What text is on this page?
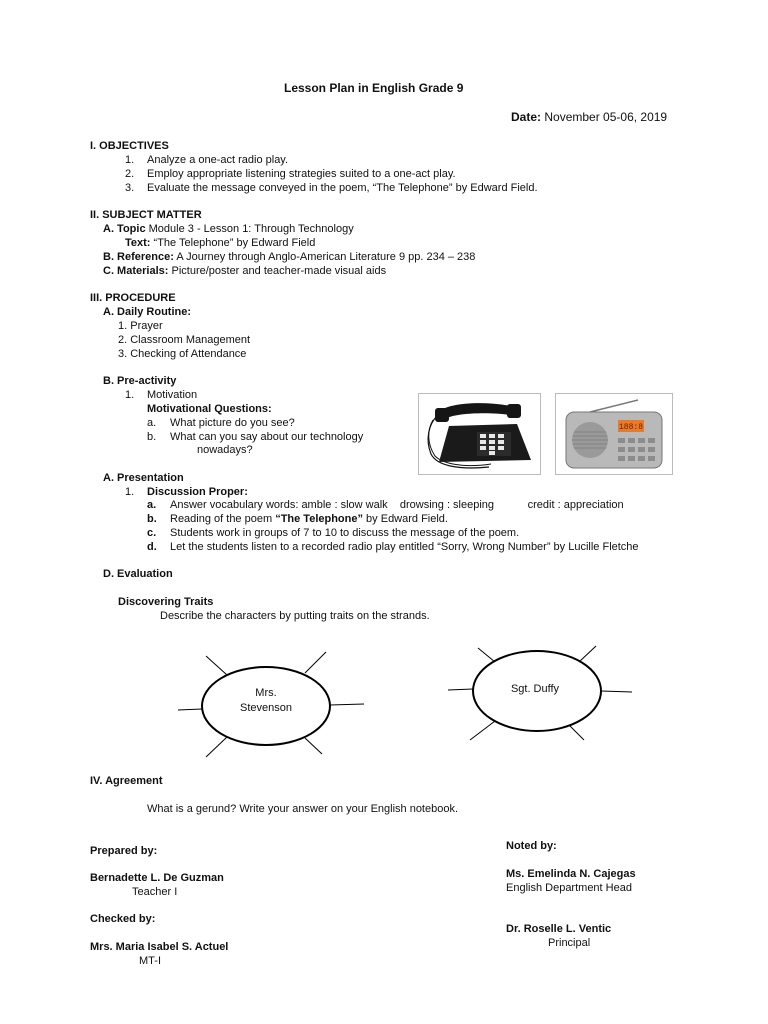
Lesson Plan in English Grade 9
Date: November 05-06, 2019
I. OBJECTIVES
1. Analyze a one-act radio play.
2. Employ appropriate listening strategies suited to a one-act play.
3. Evaluate the message conveyed in the poem, “The Telephone” by Edward Field.
II. SUBJECT MATTER
A. Topic Module 3 - Lesson 1: Through Technology
Text: “The Telephone” by Edward Field
B. Reference: A Journey through Anglo-American Literature 9 pp. 234 – 238
C. Materials: Picture/poster and teacher-made visual aids
III. PROCEDURE
A. Daily Routine:
1. Prayer
2. Classroom Management
3. Checking of Attendance
B. Pre-activity
1. Motivation
Motivational Questions:
a. What picture do you see?
b. What can you say about our technology
nowadays?
188:8
A. Presentation
1. Discussion Proper:
a. Answer vocabulary words: amble : slow walk    drowsing : sleeping           credit : appreciation
b. Reading of the poem “The Telephone” by Edward Field.
c. Students work in groups of 7 to 10 to discuss the message of the poem.
d. Let the students listen to a recorded radio play entitled “Sorry, Wrong Number” by Lucille Fletche
D. Evaluation
Discovering Traits
Describe the characters by putting traits on the strands.
Mrs.
Stevenson
Sgt. Duffy
IV. Agreement
What is a gerund? Write your answer on your English notebook.
Prepared by:
Bernadette L. De Guzman
Teacher I
Checked by:
Mrs. Maria Isabel S. Actuel
MT-I
Noted by:
Ms. Emelinda N. Cajegas
English Department Head
Dr. Roselle L. Ventic
Principal
